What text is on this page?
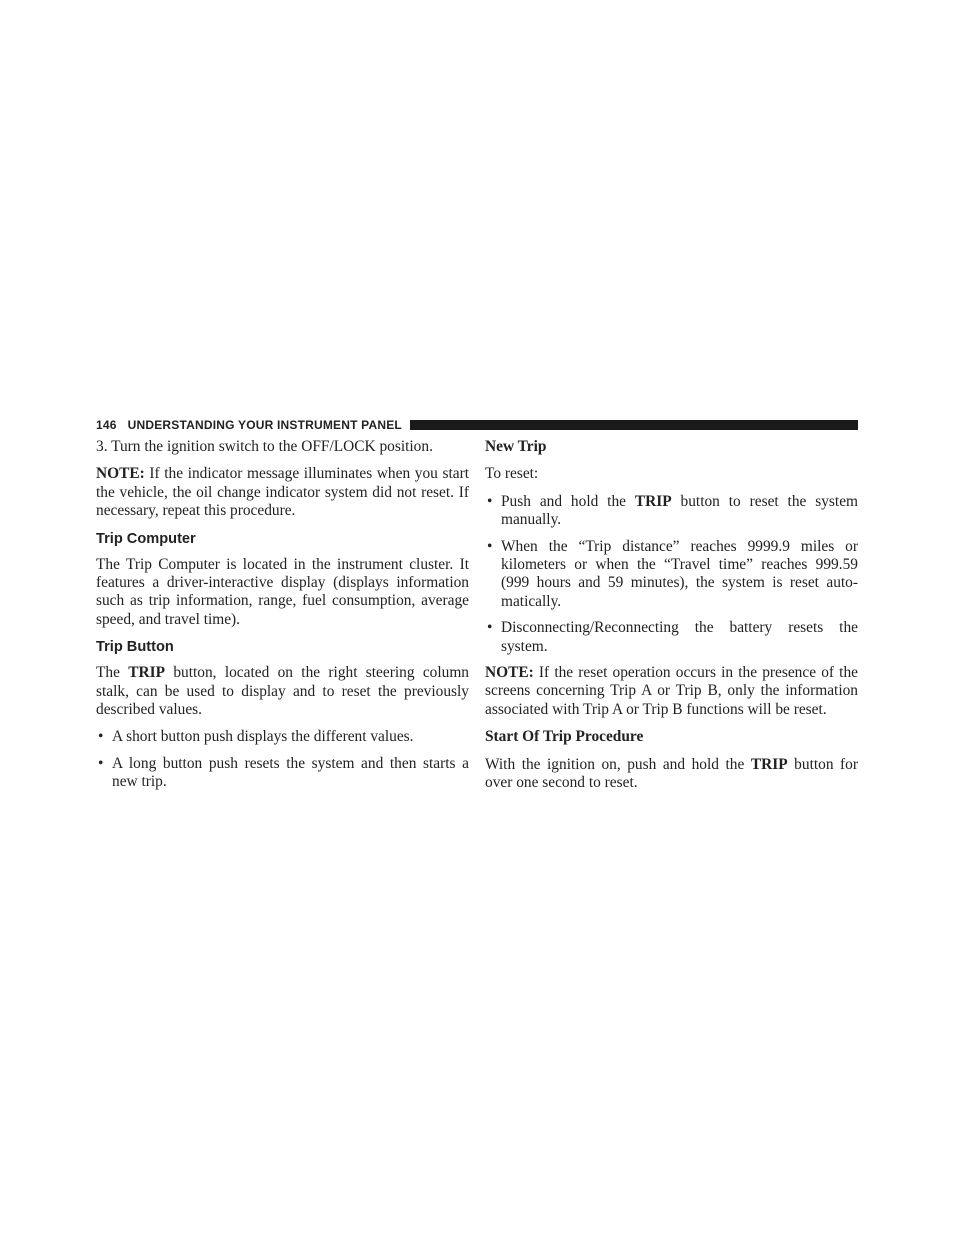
146 UNDERSTANDING YOUR INSTRUMENT PANEL

3. Turn the ignition switch to the OFF/LOCK position.

NOTE: If the indicator message illuminates when you start the vehicle, the oil change indicator system did not reset. If necessary, repeat this procedure.

Trip Computer

The Trip Computer is located in the instrument cluster. It features a driver-interactive display (displays information such as trip information, range, fuel consumption, average speed, and travel time).

Trip Button

The TRIP button, located on the right steering column stalk, can be used to display and to reset the previously described values.

• A short button push displays the different values.
• A long button push resets the system and then starts a new trip.
New Trip

To reset:

• Push and hold the TRIP button to reset the system manually.
• When the “Trip distance” reaches 9999.9 miles or kilometers or when the “Travel time” reaches 999.59 (999 hours and 59 minutes), the system is reset automatically.
• Disconnecting/Reconnecting the battery resets the system.

NOTE: If the reset operation occurs in the presence of the screens concerning Trip A or Trip B, only the information associated with Trip A or Trip B functions will be reset.

Start Of Trip Procedure

With the ignition on, push and hold the TRIP button for over one second to reset.
